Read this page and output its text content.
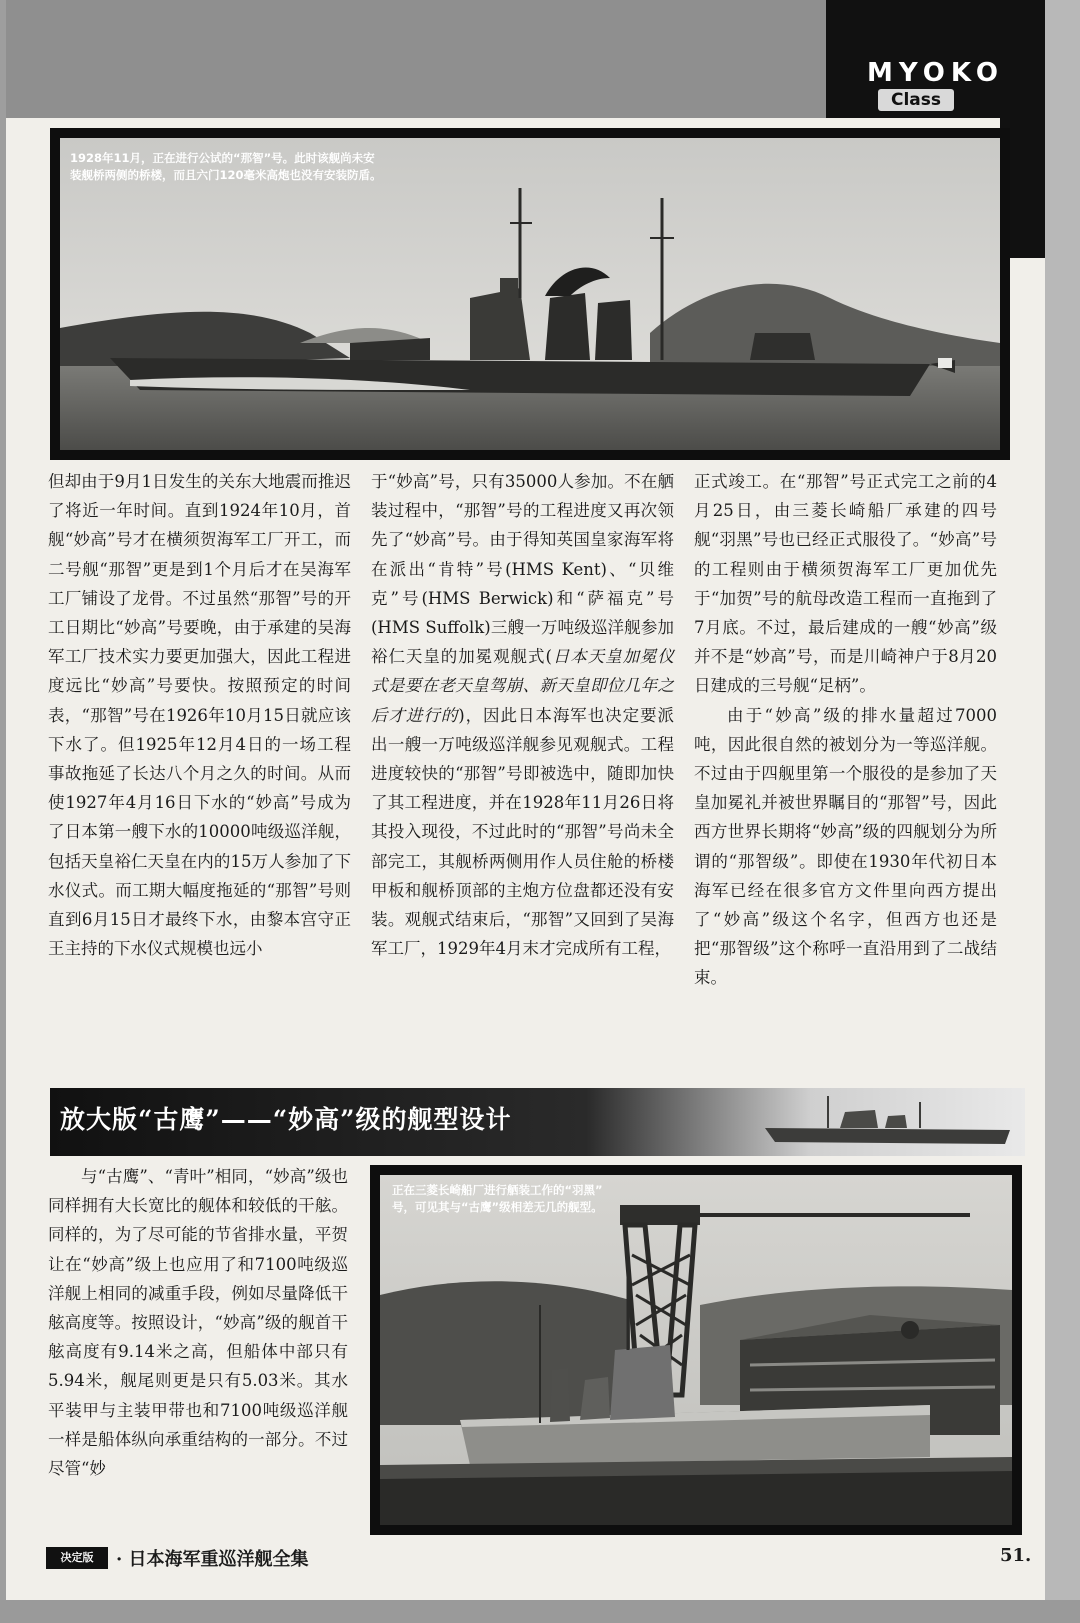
MYOKO
Class
1928年11月，正在进行公试的“那智”号。此时该舰尚未安
装舰桥两侧的桥楼，而且六门120毫米高炮也没有安装防盾。

但却由于9月1日发生的关东大地震而推迟了将近一年时间。直到1924年10月，首舰“妙高”号才在横须贺海军工厂开工，而二号舰“那智”更是到1个月后才在吴海军工厂铺设了龙骨。不过虽然“那智”号的开工日期比“妙高”号要晚，由于承建的吴海军工厂技术实力要更加强大，因此工程进度远比“妙高”号要快。按照预定的时间表，“那智”号在1926年10月15日就应该下水了。但1925年12月4日的一场工程事故拖延了长达八个月之久的时间。从而使1927年4月16日下水的“妙高”号成为了日本第一艘下水的10000吨级巡洋舰，包括天皇裕仁天皇在内的15万人参加了下水仪式。而工期大幅度拖延的“那智”号则直到6月15日才最终下水，由黎本宫守正王主持的下水仪式规模也远小

于“妙高”号，只有35000人参加。不在舾装过程中，“那智”号的工程进度又再次领先了“妙高”号。由于得知英国皇家海军将在派出“肯特”号(HMS Kent)、“贝维克”号(HMS Berwick)和“萨福克”号(HMS Suffolk)三艘一万吨级巡洋舰参加裕仁天皇的加冕观舰式(日本天皇加冕仪式是要在老天皇驾崩、新天皇即位几年之后才进行的)，因此日本海军也决定要派出一艘一万吨级巡洋舰参见观舰式。工程进度较快的“那智”号即被选中，随即加快了其工程进度，并在1928年11月26日将其投入现役，不过此时的“那智”号尚未全部完工，其舰桥两侧用作人员住舱的桥楼甲板和舰桥顶部的主炮方位盘都还没有安装。观舰式结束后，“那智”又回到了吴海军工厂，1929年4月末才完成所有工程，

正式竣工。在“那智”号正式完工之前的4月25日，由三菱长崎船厂承建的四号舰“羽黑”号也已经正式服役了。“妙高”号的工程则由于横须贺海军工厂更加优先于“加贺”号的航母改造工程而一直拖到了7月底。不过，最后建成的一艘“妙高”级并不是“妙高”号，而是川崎神户于8月20日建成的三号舰“足柄”。

由于“妙高”级的排水量超过7000吨，因此很自然的被划分为一等巡洋舰。不过由于四舰里第一个服役的是参加了天皇加冕礼并被世界瞩目的“那智”号，因此西方世界长期将“妙高”级的四舰划分为所谓的“那智级”。即使在1930年代初日本海军已经在很多官方文件里向西方提出了“妙高”级这个名字，但西方也还是把“那智级”这个称呼一直沿用到了二战结束。

放大版“古鹰”——“妙高”级的舰型设计

与“古鹰”、“青叶”相同，“妙高”级也同样拥有大长宽比的舰体和较低的干舷。同样的，为了尽可能的节省排水量，平贺让在“妙高”级上也应用了和7100吨级巡洋舰上相同的减重手段，例如尽量降低干舷高度等。按照设计，“妙高”级的舰首干舷高度有9.14米之高，但船体中部只有5.94米，舰尾则更是只有5.03米。其水平装甲与主装甲带也和7100吨级巡洋舰一样是船体纵向承重结构的一部分。不过尽管“妙

正在三菱长崎船厂进行舾装工作的“羽黑”
号，可见其与“古鹰”级相差无几的舰型。
决定版	· 日本海军重巡洋舰全集	51.
